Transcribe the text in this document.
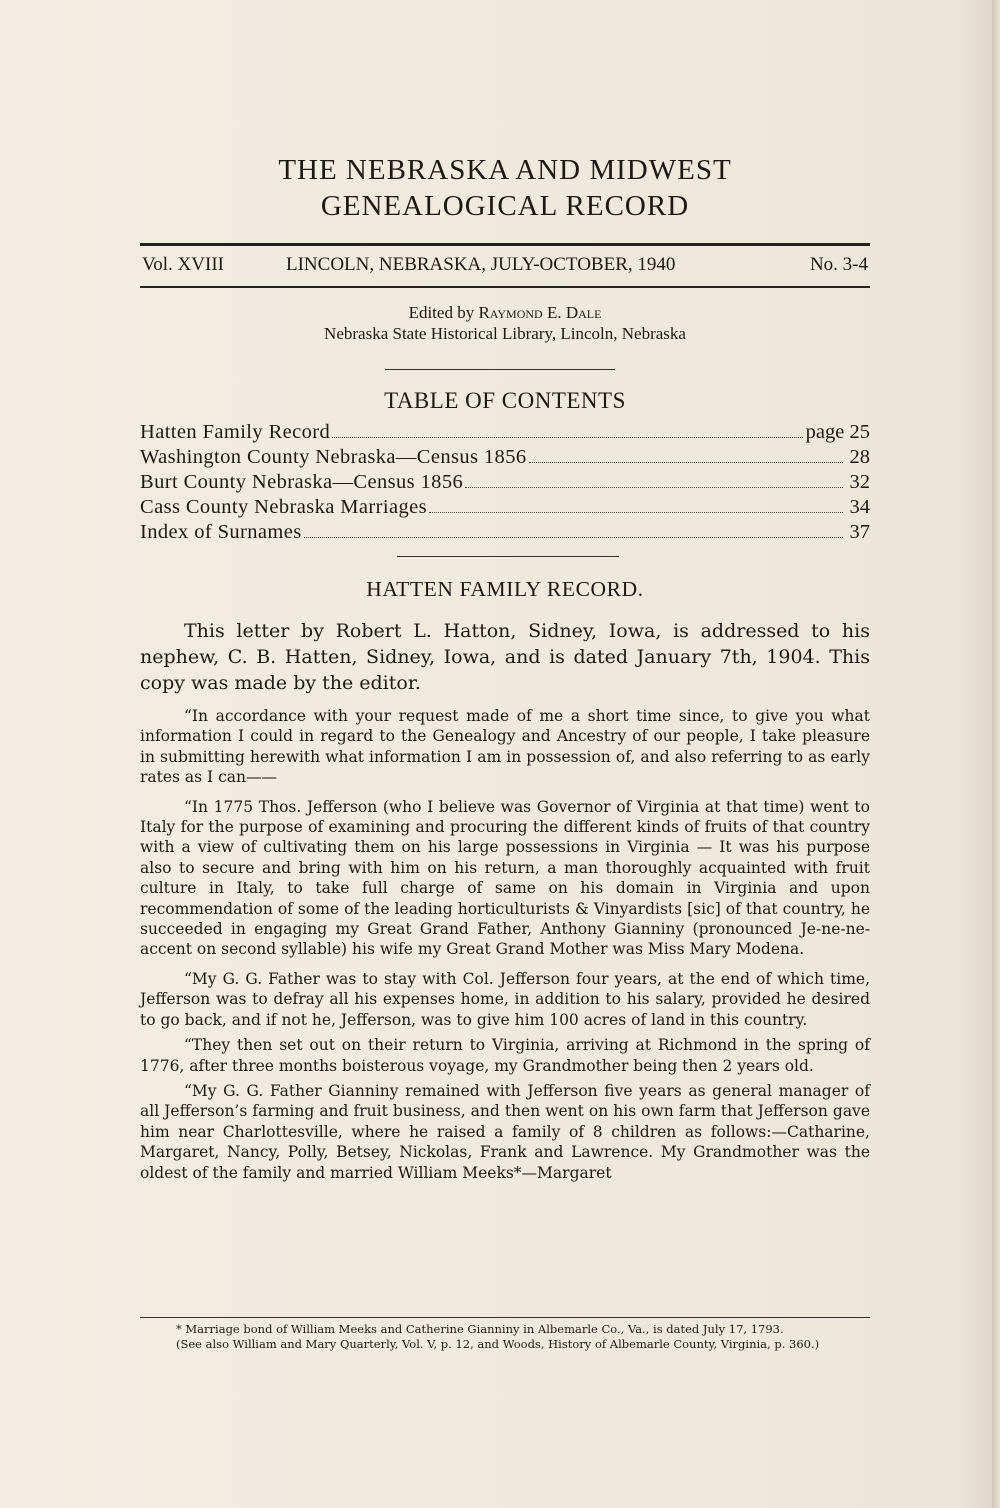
THE NEBRASKA AND MIDWEST
GENEALOGICAL RECORD
Vol. XVIII	LINCOLN, NEBRASKA, JULY-OCTOBER, 1940	No. 3-4
Edited by Raymond E. Dale
Nebraska State Historical Library, Lincoln, Nebraska
TABLE OF CONTENTS
Hatten Family Record	page 25
Washington County Nebraska—Census 1856	28
Burt County Nebraska—Census 1856	32
Cass County Nebraska Marriages	34
Index of Surnames	37
HATTEN FAMILY RECORD.

This letter by Robert L. Hatton, Sidney, Iowa, is addressed to his nephew, C. B. Hatten, Sidney, Iowa, and is dated January 7th, 1904. This copy was made by the editor.

“In accordance with your request made of me a short time since, to give you what information I could in regard to the Genealogy and Ancestry of our people, I take pleasure in submitting herewith what information I am in possession of, and also referring to as early rates as I can——

“In 1775 Thos. Jefferson (who I believe was Governor of Virginia at that time) went to Italy for the purpose of examining and procuring the different kinds of fruits of that country with a view of cultivating them on his large possessions in Virginia — It was his purpose also to secure and bring with him on his return, a man thoroughly acquainted with fruit culture in Italy, to take full charge of same on his domain in Virginia and upon recommendation of some of the leading horticulturists & Vinyardists [sic] of that country, he succeeded in engaging my Great Grand Father, Anthony Gianniny (pronounced Je-ne-ne-accent on second syllable) his wife my Great Grand Mother was Miss Mary Modena.

“My G. G. Father was to stay with Col. Jefferson four years, at the end of which time, Jefferson was to defray all his expenses home, in addition to his salary, provided he desired to go back, and if not he, Jefferson, was to give him 100 acres of land in this country.

“They then set out on their return to Virginia, arriving at Richmond in the spring of 1776, after three months boisterous voyage, my Grandmother being then 2 years old.

“My G. G. Father Gianniny remained with Jefferson five years as general manager of all Jefferson’s farming and fruit business, and then went on his own farm that Jefferson gave him near Charlottesville, where he raised a family of 8 children as follows:—Catharine, Margaret, Nancy, Polly, Betsey, Nickolas, Frank and Lawrence. My Grandmother was the oldest of the family and married William Meeks*—Margaret

* Marriage bond of William Meeks and Catherine Gianniny in Albemarle Co., Va., is dated July 17, 1793.

(See also William and Mary Quarterly, Vol. V, p. 12, and Woods, History of Albemarle County, Virginia, p. 360.)
